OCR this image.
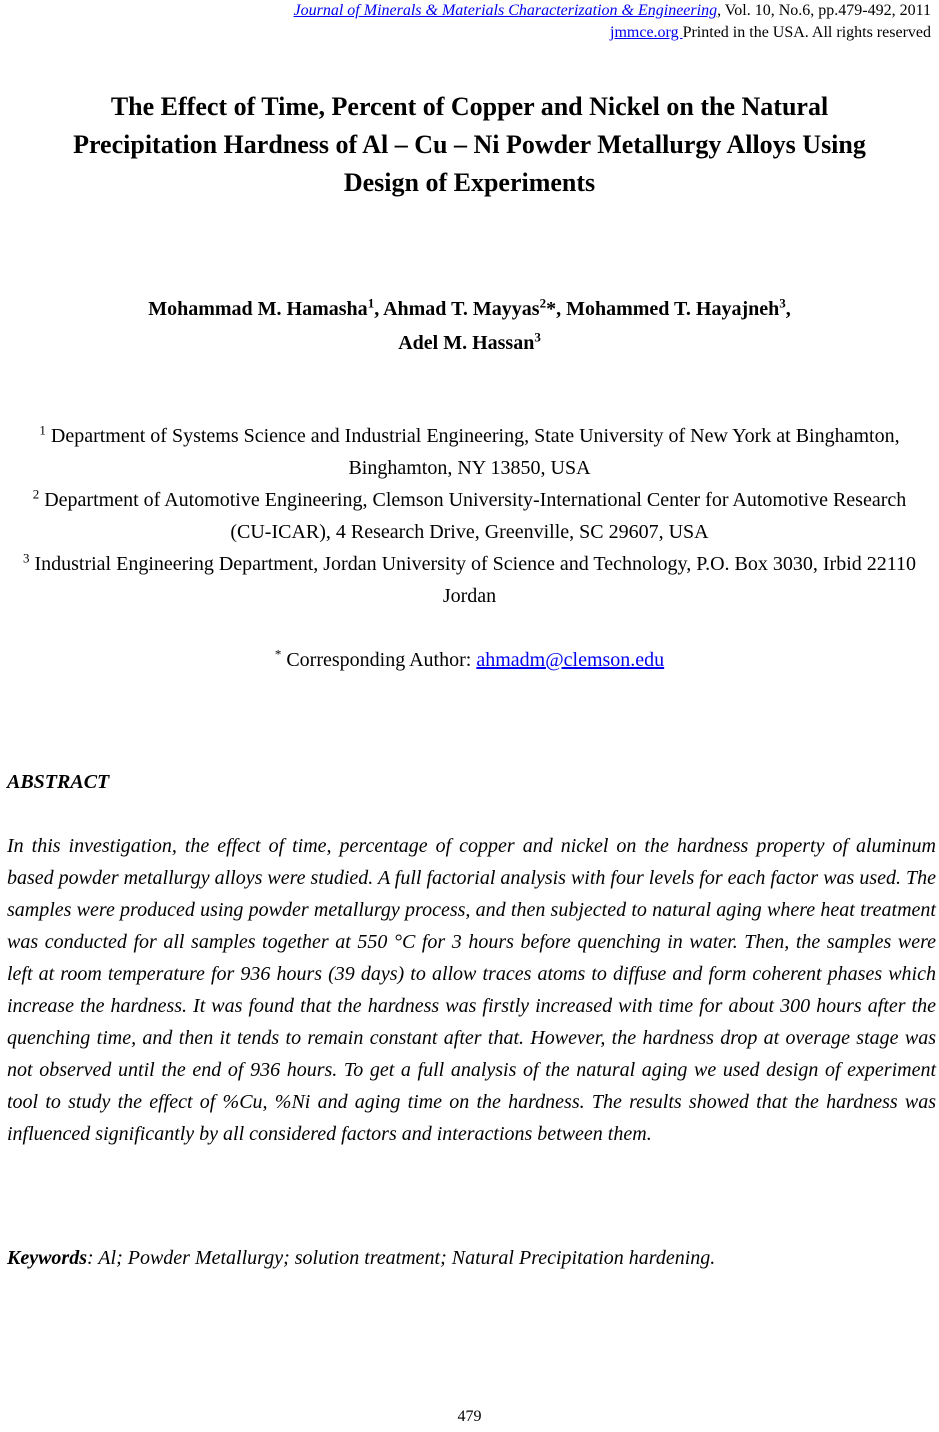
Journal of Minerals & Materials Characterization & Engineering, Vol. 10, No.6, pp.479-492, 2011
jmmce.org Printed in the USA. All rights reserved
The Effect of Time, Percent of Copper and Nickel on the Natural
Precipitation Hardness of Al – Cu – Ni Powder Metallurgy Alloys Using
Design of Experiments
Mohammad M. Hamasha$^1$, Ahmad T. Mayyas$^2$*, Mohammed T. Hayajneh$^3$,
Adel M. Hassan$^3$
$^1$ Department of Systems Science and Industrial Engineering, State University of New York at Binghamton, Binghamton, NY 13850, USA
$^2$ Department of Automotive Engineering, Clemson University-International Center for Automotive Research (CU-ICAR), 4 Research Drive, Greenville, SC 29607, USA
$^3$ Industrial Engineering Department, Jordan University of Science and Technology, P.O. Box 3030, Irbid 22110 Jordan
* Corresponding Author: ahmadm@clemson.edu
ABSTRACT
In this investigation, the effect of time, percentage of copper and nickel on the hardness property of aluminum based powder metallurgy alloys were studied. A full factorial analysis with four levels for each factor was used. The samples were produced using powder metallurgy process, and then subjected to natural aging where heat treatment was conducted for all samples together at 550 °C for 3 hours before quenching in water. Then, the samples were left at room temperature for 936 hours (39 days) to allow traces atoms to diffuse and form coherent phases which increase the hardness. It was found that the hardness was firstly increased with time for about 300 hours after the quenching time, and then it tends to remain constant after that. However, the hardness drop at overage stage was not observed until the end of 936 hours. To get a full analysis of the natural aging we used design of experiment tool to study the effect of %Cu, %Ni and aging time on the hardness. The results showed that the hardness was influenced significantly by all considered factors and interactions between them.
Keywords: Al; Powder Metallurgy; solution treatment; Natural Precipitation hardening.
479
